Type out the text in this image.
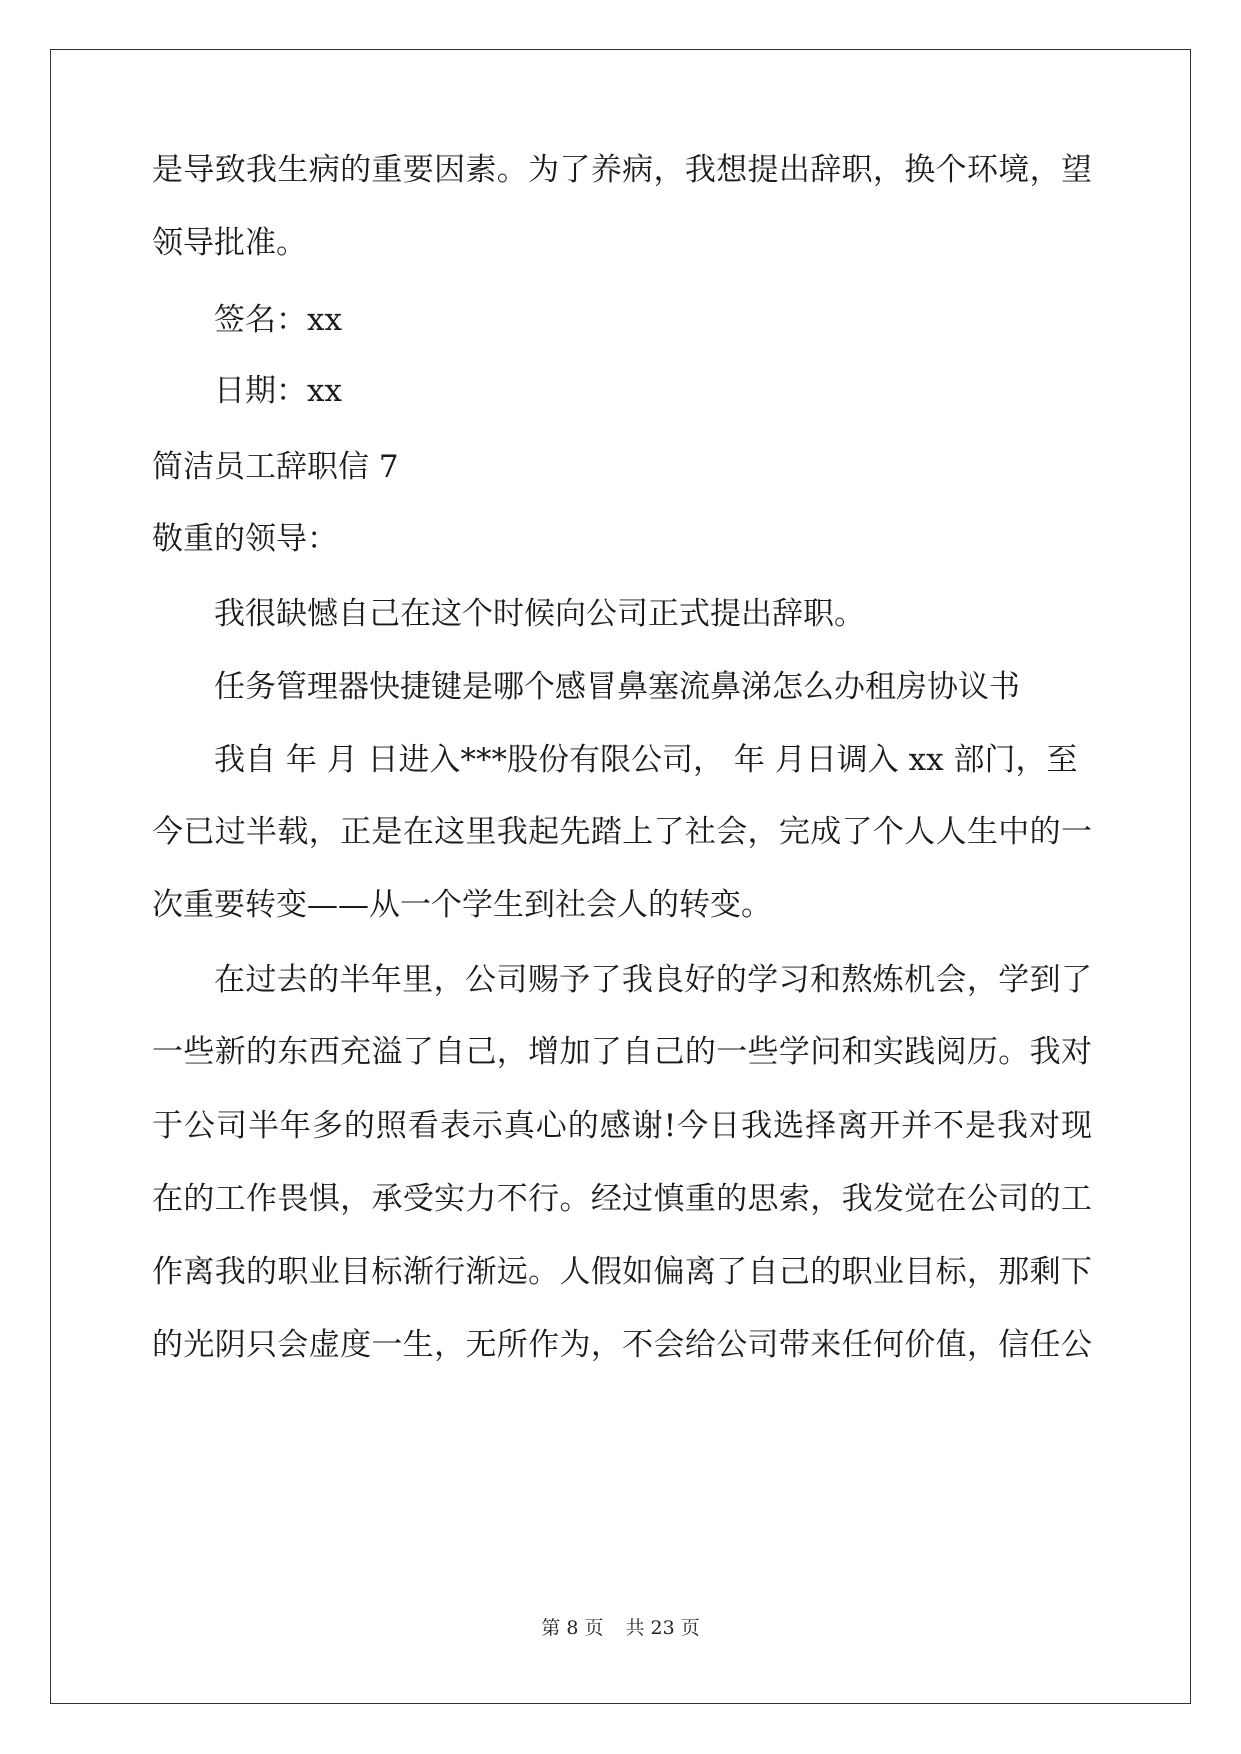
是导致我生病的重要因素。为了养病，我想提出辞职，换个环境，望
领导批准。
签名：xx
日期：xx
简洁员工辞职信 7
敬重的领导：
我很缺憾自己在这个时候向公司正式提出辞职。
任务管理器快捷键是哪个感冒鼻塞流鼻涕怎么办租房协议书
我自 年 月 日进入***股份有限公司， 年 月日调入 xx 部门，至
今已过半载，正是在这里我起先踏上了社会，完成了个人人生中的一
次重要转变——从一个学生到社会人的转变。
在过去的半年里，公司赐予了我良好的学习和熬炼机会，学到了
一些新的东西充溢了自己，增加了自己的一些学问和实践阅历。我对
于公司半年多的照看表示真心的感谢!今日我选择离开并不是我对现
在的工作畏惧，承受实力不行。经过慎重的思索，我发觉在公司的工
作离我的职业目标渐行渐远。人假如偏离了自己的职业目标，那剩下
的光阴只会虚度一生，无所作为，不会给公司带来任何价值，信任公
第 8 页 共 23 页
